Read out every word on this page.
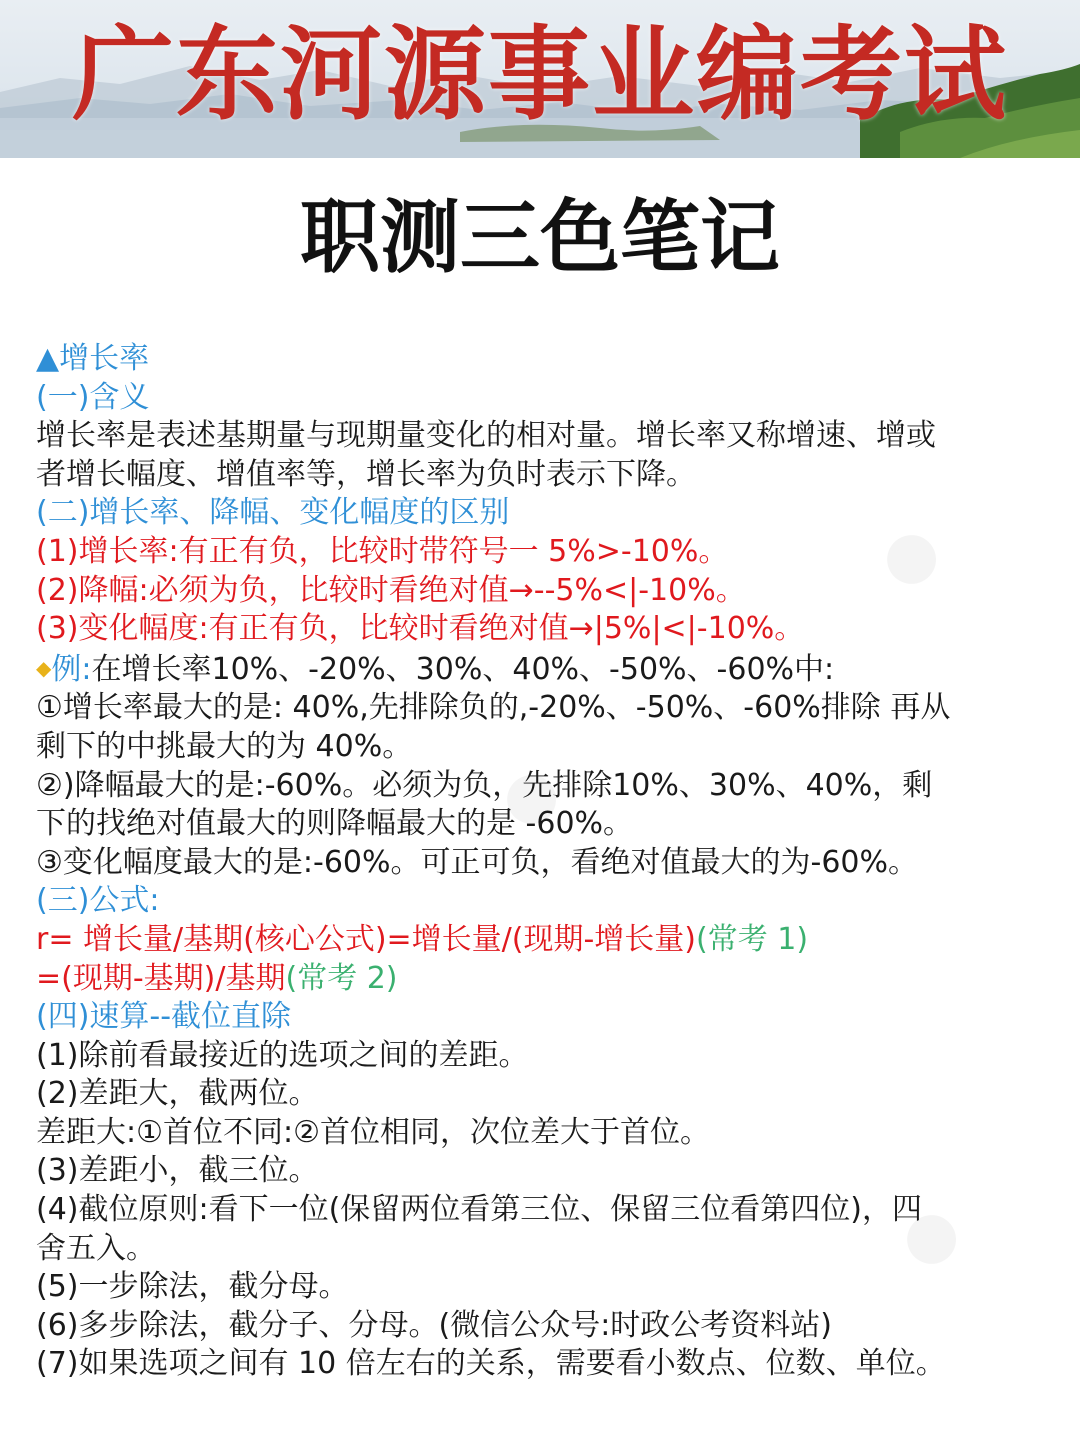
广东河源事业编考试
职测三色笔记
▲增长率
(一)含义
增长率是表述基期量与现期量变化的相对量。增长率又称增速、增或
者增长幅度、增值率等，增长率为负时表示下降。
(二)增长率、降幅、变化幅度的区别
(1)增长率:有正有负，比较时带符号一 5%>-10%。
(2)降幅:必须为负，比较时看绝对值→--5%<|-10%。
(3)变化幅度:有正有负，比较时看绝对值→|5%|<|-10%。
◆例:在增长率10%、-20%、30%、40%、-50%、-60%中:
①增长率最大的是: 40%,先排除负的,-20%、-50%、-60%排除 再从
剩下的中挑最大的为 40%。
②)降幅最大的是:-60%。必须为负，先排除10%、30%、40%，剩
下的找绝对值最大的则降幅最大的是 -60%。
③变化幅度最大的是:-60%。可正可负，看绝对值最大的为-60%。
(三)公式:
r= 增长量/基期(核心公式)=增长量/(现期-增长量)(常考 1)
=(现期-基期)/基期(常考 2)
(四)速算--截位直除
(1)除前看最接近的选项之间的差距。
(2)差距大，截两位。
差距大:①首位不同:②首位相同，次位差大于首位。
(3)差距小，截三位。
(4)截位原则:看下一位(保留两位看第三位、保留三位看第四位)，四
舍五入。
(5)一步除法，截分母。
(6)多步除法，截分子、分母。(微信公众号:时政公考资料站)
(7)如果选项之间有 10 倍左右的关系，需要看小数点、位数、单位。
